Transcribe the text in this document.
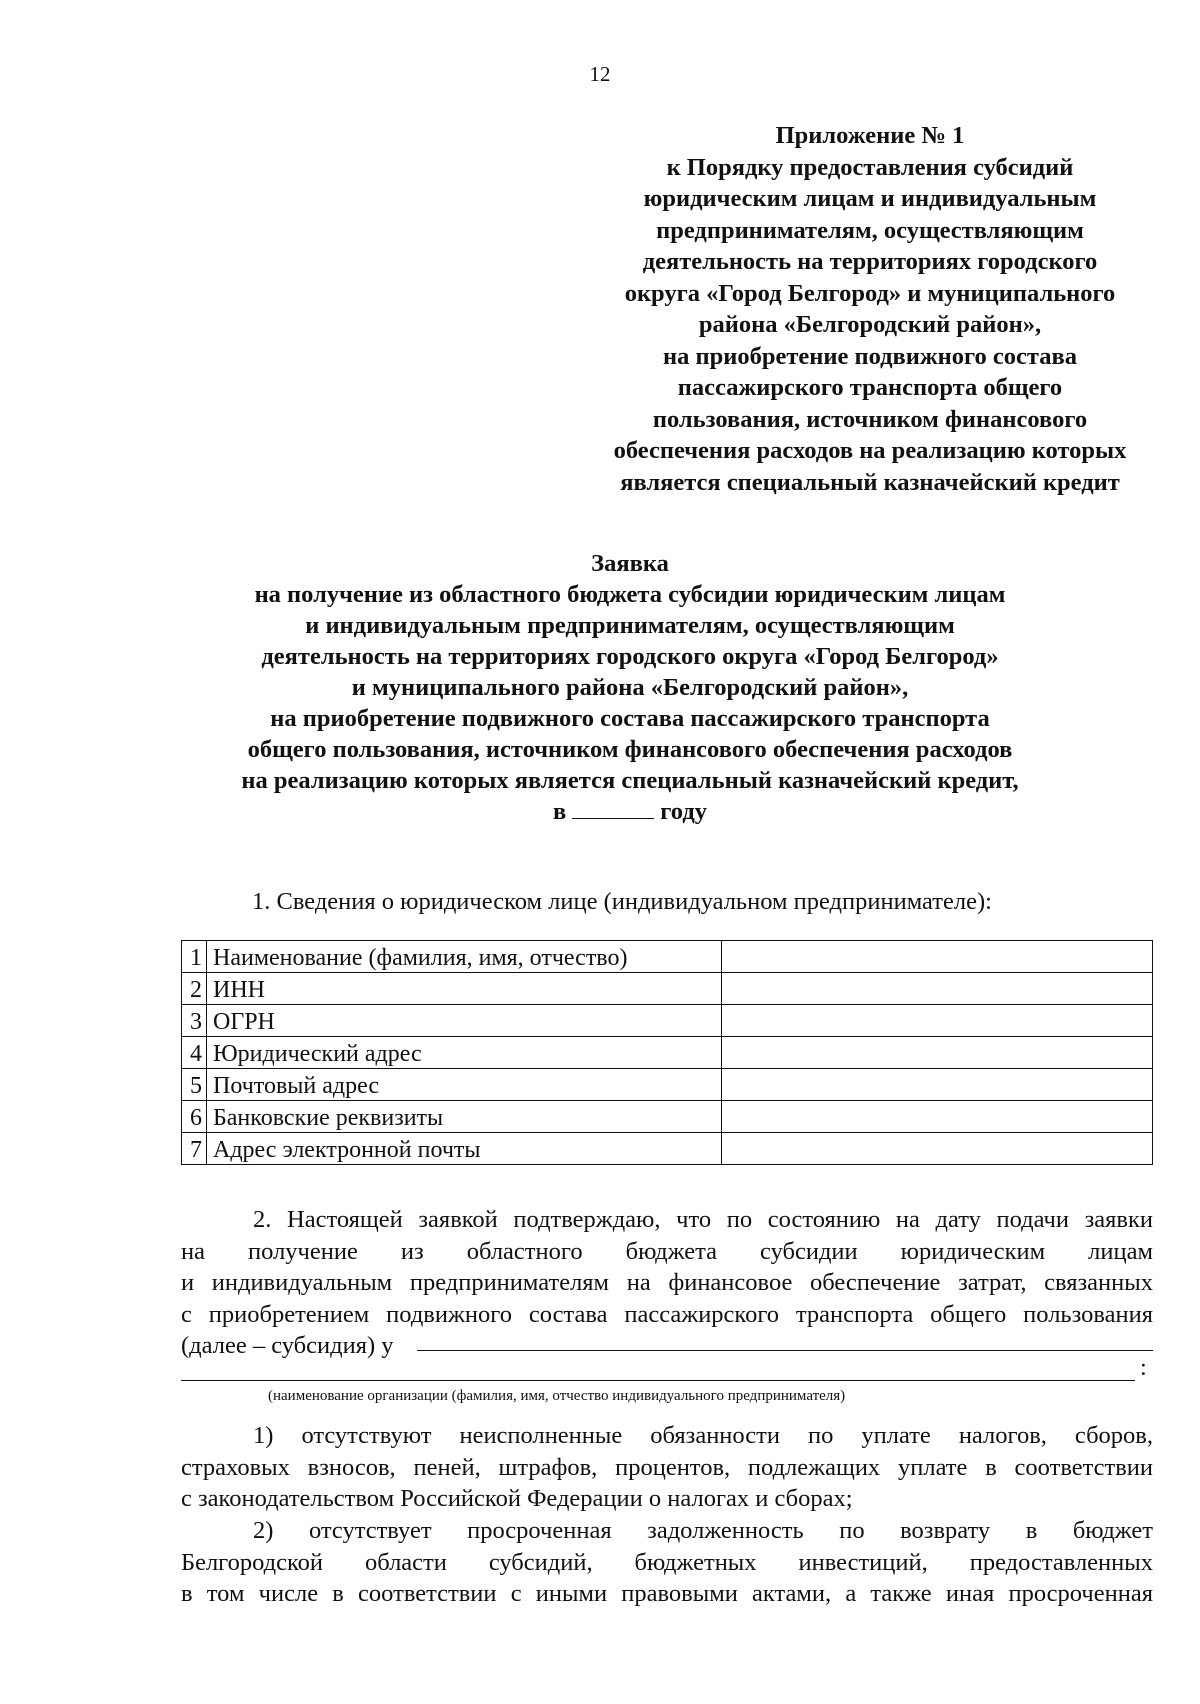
12
Приложение № 1
к Порядку предоставления субсидий
юридическим лицам и индивидуальным
предпринимателям, осуществляющим
деятельность на территориях городского
округа «Город Белгород» и муниципального
района «Белгородский район»,
на приобретение подвижного состава
пассажирского транспорта общего
пользования, источником финансового
обеспечения расходов на реализацию которых
является специальный казначейский кредит
Заявка
на получение из областного бюджета субсидии юридическим лицам
и индивидуальным предпринимателям, осуществляющим
деятельность на территориях городского округа «Город Белгород»
и муниципального района «Белгородский район»,
на приобретение подвижного состава пассажирского транспорта
общего пользования, источником финансового обеспечения расходов
на реализацию которых является специальный казначейский кредит,
в	году
1. Сведения о юридическом лице (индивидуальном предпринимателе):
1	Наименование (фамилия, имя, отчество)	
2	ИНН	
3	ОГРН	
4	Юридический адрес	
5	Почтовый адрес	
6	Банковские реквизиты	
7	Адрес электронной почты	
2. Настоящей заявкой подтверждаю, что по состоянию на дату подачи заявки
на получение из областного бюджета субсидии юридическим лицам
и индивидуальным предпринимателям на финансовое обеспечение затрат, связанных
с приобретением подвижного состава пассажирского транспорта общего пользования
(далее – субсидия) у
:
(наименование организации (фамилия, имя, отчество индивидуального предпринимателя)
1) отсутствуют неисполненные обязанности по уплате налогов, сборов,
страховых взносов, пеней, штрафов, процентов, подлежащих уплате в соответствии
с законодательством Российской Федерации о налогах и сборах;
2) отсутствует просроченная задолженность по возврату в бюджет
Белгородской области субсидий, бюджетных инвестиций, предоставленных
в том числе в соответствии с иными правовыми актами, а также иная просроченная
